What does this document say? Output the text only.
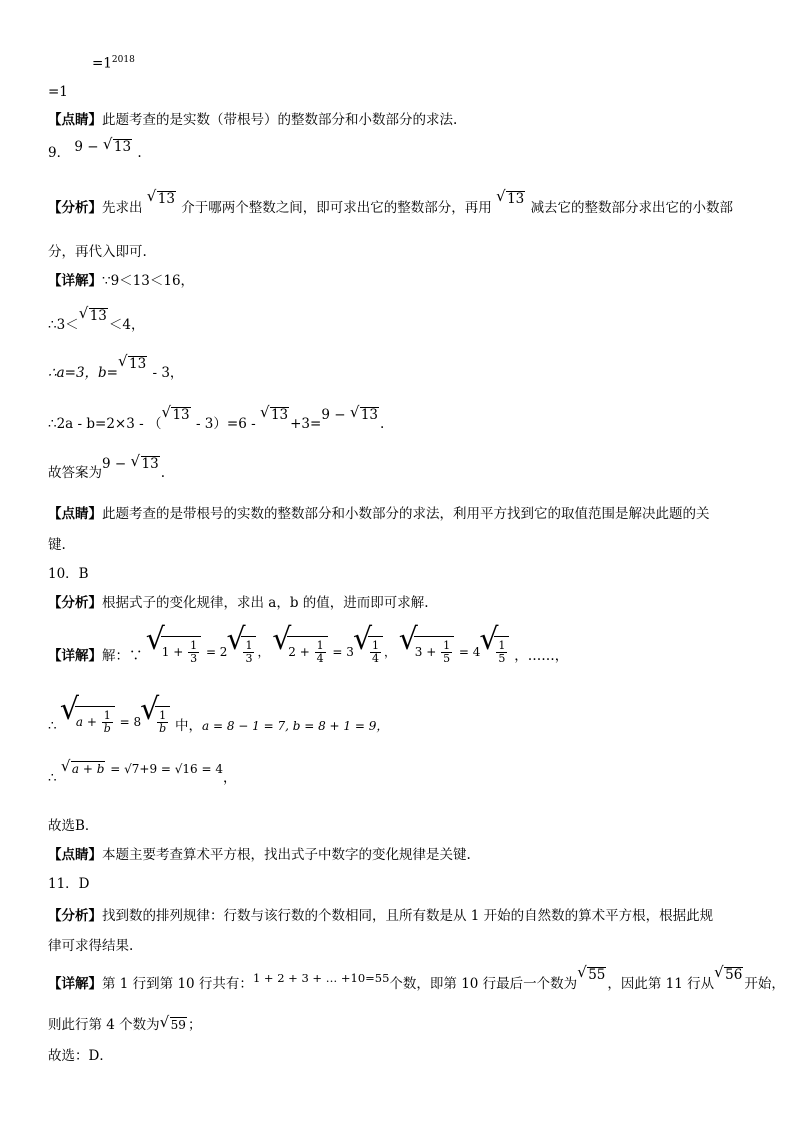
$=1^{2018}$
=1
【点睛】此题考查的是实数（带根号）的整数部分和小数部分的求法.
9． 9 − √ 13 .
【分析】先求出 √ 13 介于哪两个整数之间，即可求出它的整数部分，再用 √ 13 减去它的整数部分求出它的小数部
分，再代入即可.
【详解】∵9＜13＜16，
∴3＜√ 13＜4，
∴a=3，b=√ 13 - 3，
∴2a - b=2×3 - （√ 13 - 3）=6 - √ 13+3=9 − √ 13.
故答案为9 − √ 13.
【点睛】此题考查的是带根号的实数的整数部分和小数部分的求法，利用平方找到它的取值范围是解决此题的关
键.
10．B
【分析】根据式子的变化规律，求出 a，b 的值，进而即可求解.
【详解】解：∵ √ $1 + \frac{1}{3} = 2$ √ $\frac{1}{3}$ ， √ $2 + \frac{1}{4} = 3$ √ $\frac{1}{4}$ ， √ $3 + \frac{1}{5} = 4$ √ $\frac{1}{5}$ ，……，
∴ √ $a + \frac{1}{b} = 8$ √ $\frac{1}{b}$ 中，a = 8 − 1 = 7, b = 8 + 1 = 9，
∴ √ a + b = √7+9 = √16 = 4，
故选B．
【点睛】本题主要考查算术平方根，找出式子中数字的变化规律是关键.
11．D
【分析】找到数的排列规律：行数与该行数的个数相同，且所有数是从 1 开始的自然数的算术平方根，根据此规
律可求得结果.
【详解】第 1 行到第 10 行共有：1 + 2 + 3 + … +10=55个数，即第 10 行最后一个数为√ 55，因此第 11 行从√ 56开始，
则此行第 4 个数为 √ 59 ；
故选：D．
